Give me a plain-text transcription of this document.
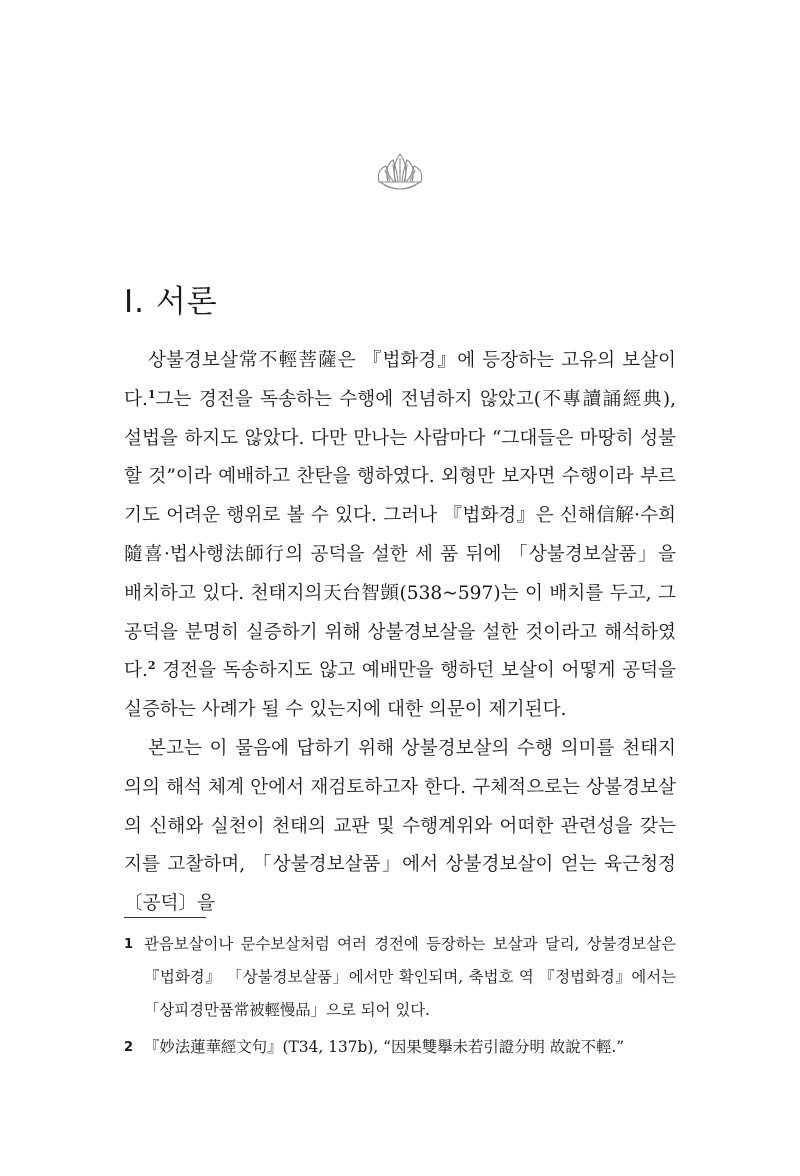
Ⅰ. 서론

상불경보살常不輕菩薩은 『법화경』에 등장하는 고유의 보살이다.$^1$그는 경전을 독송하는 수행에 전념하지 않았고(不專讀誦經典), 설법을 하지도 않았다. 다만 만나는 사람마다 “그대들은 마땅히 성불할 것”이라 예배하고 찬탄을 행하였다. 외형만 보자면 수행이라 부르기도 어려운 행위로 볼 수 있다. 그러나 『법화경』은 신해信解·수희隨喜·법사행法師行의 공덕을 설한 세 품 뒤에 「상불경보살품」을 배치하고 있다. 천태지의天台智顗(538~597)는 이 배치를 두고, 그 공덕을 분명히 실증하기 위해 상불경보살을 설한 것이라고 해석하였다.$^2$ 경전을 독송하지도 않고 예배만을 행하던 보살이 어떻게 공덕을 실증하는 사례가 될 수 있는지에 대한 의문이 제기된다.

본고는 이 물음에 답하기 위해 상불경보살의 수행 의미를 천태지의의 해석 체계 안에서 재검토하고자 한다. 구체적으로는 상불경보살의 신해와 실천이 천태의 교판 및 수행계위와 어떠한 관련성을 갖는지를 고찰하며, 「상불경보살품」에서 상불경보살이 얻는 육근청정〔공덕〕을

1 관음보살이나 문수보살처럼 여러 경전에 등장하는 보살과 달리, 상불경보살은 『법화경』 「상불경보살품」에서만 확인되며, 축법호 역 『정법화경』에서는 「상피경만품常被輕慢品」으로 되어 있다.
2 『妙法蓮華經文句』(T34, 137b), “因果雙擧未若引證分明 故說不輕.”
